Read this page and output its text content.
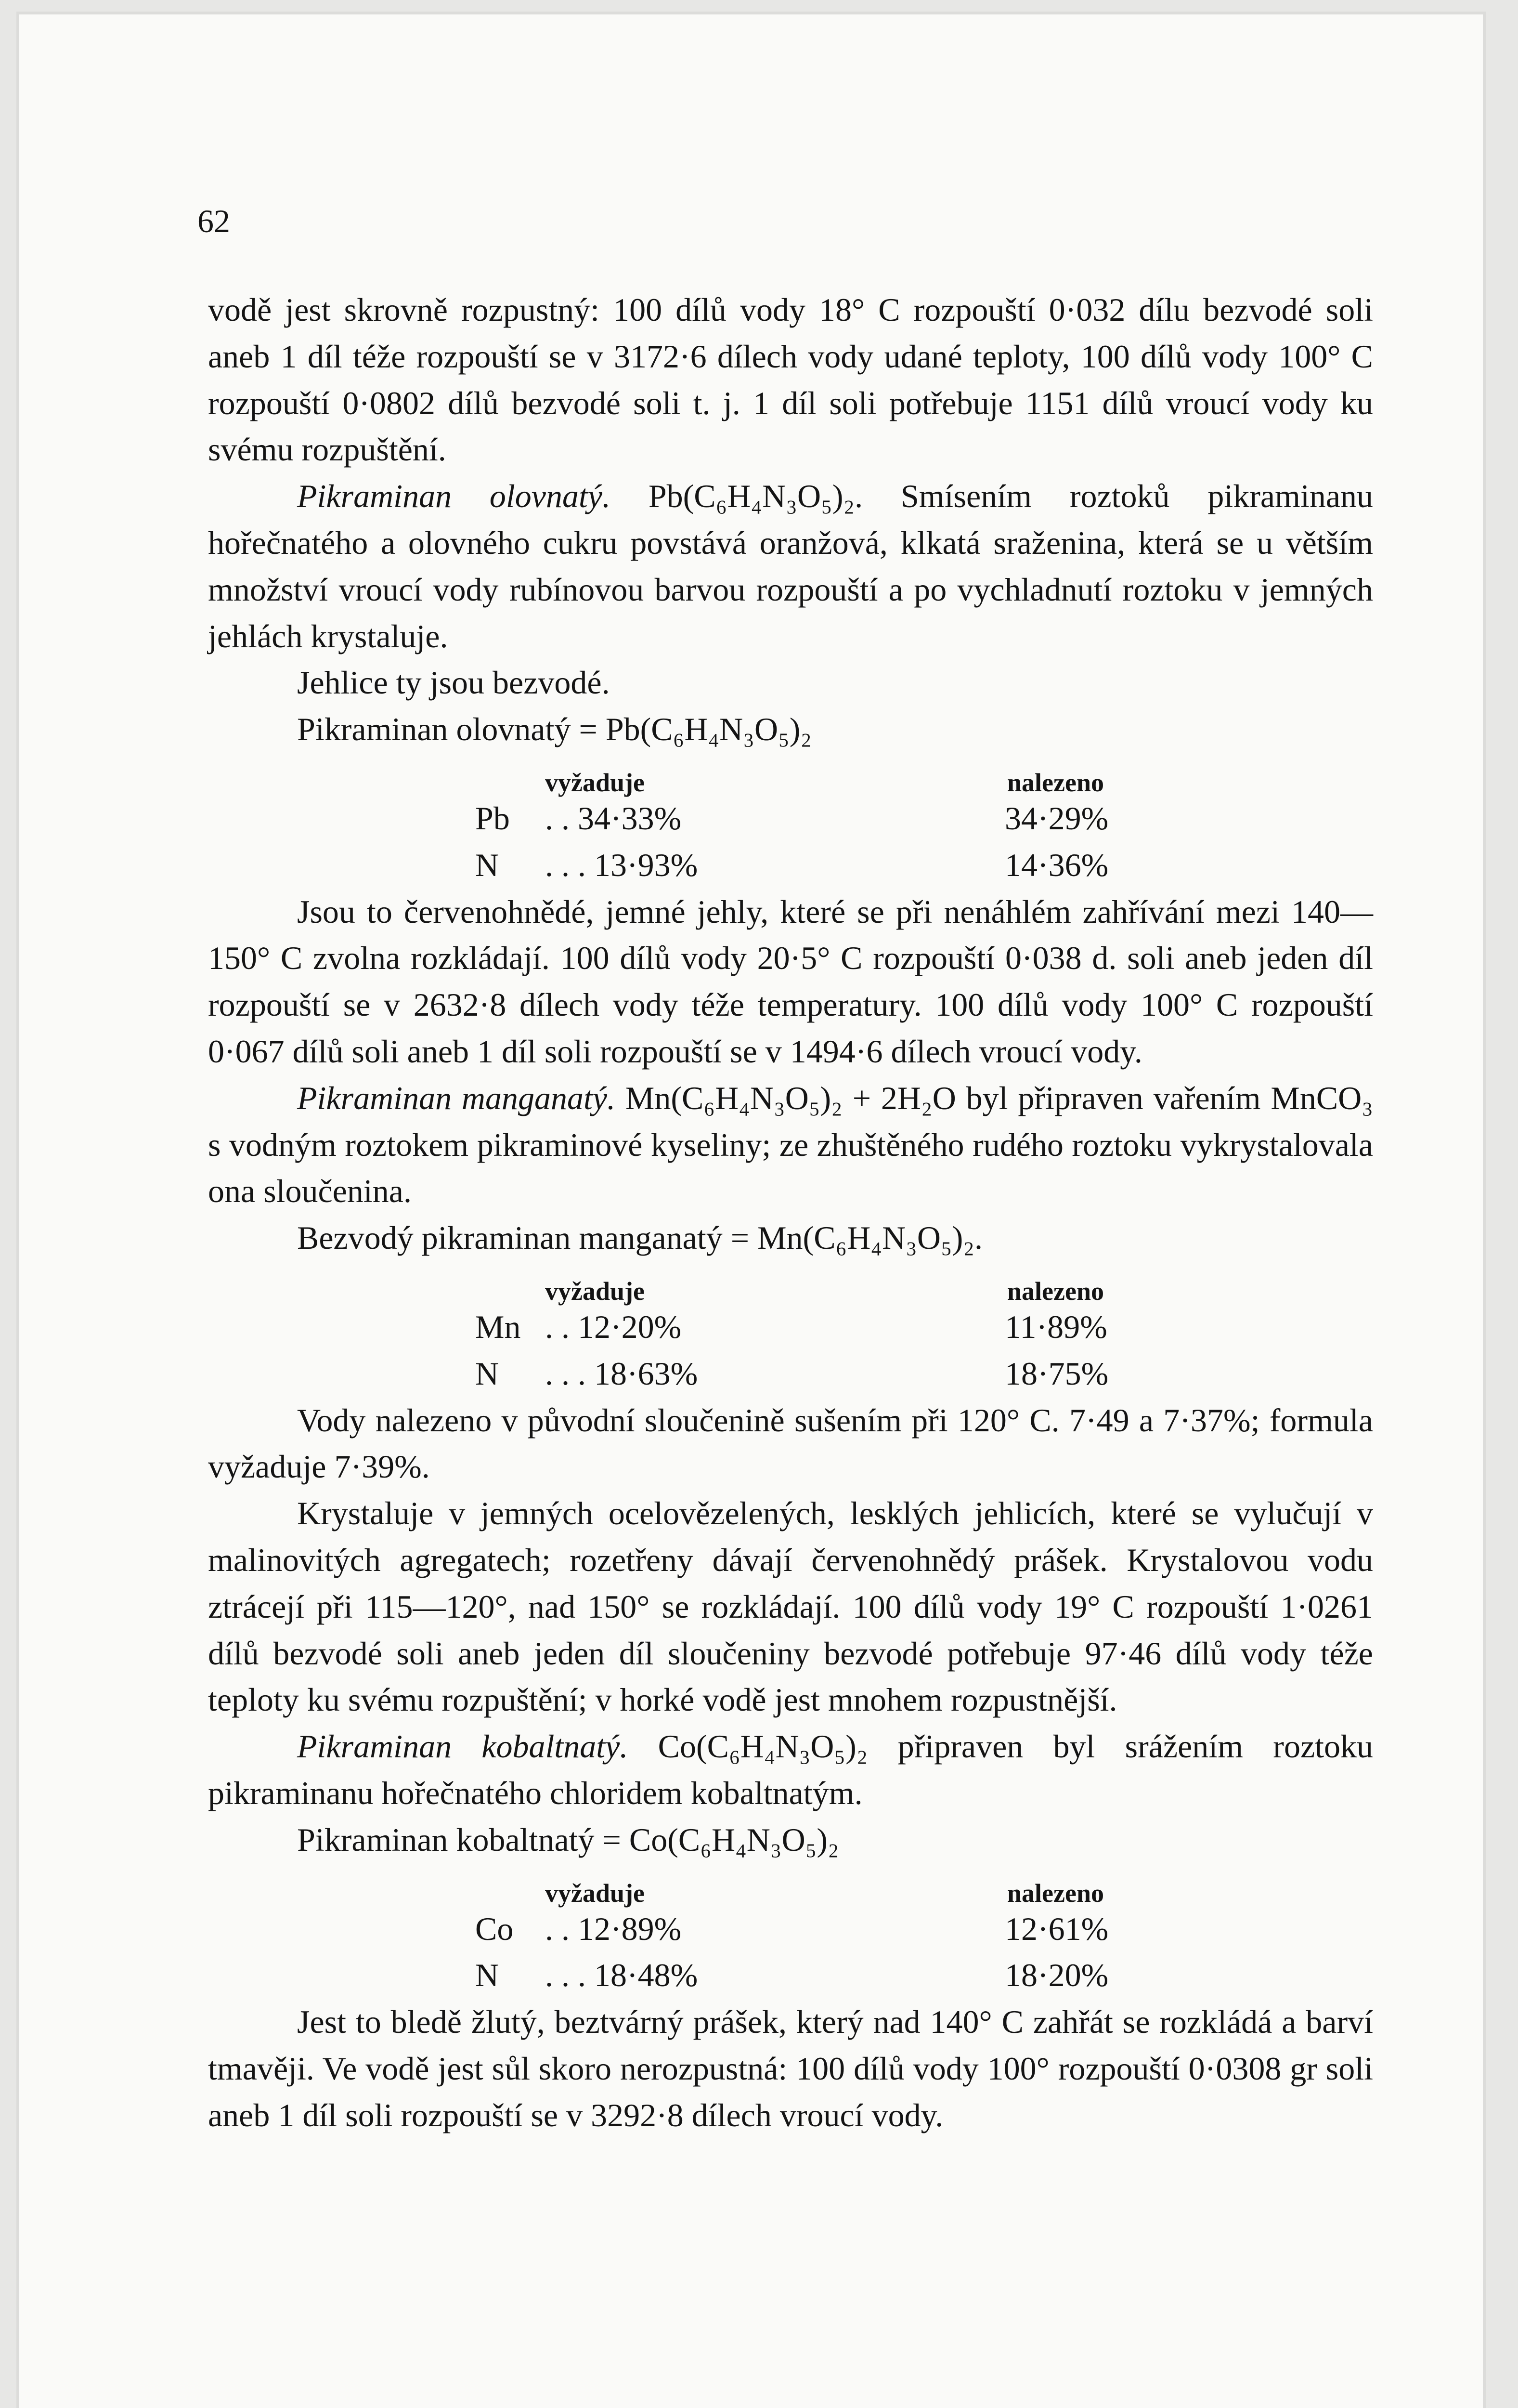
62

vodě jest skrovně rozpustný: 100 dílů vody 18° C rozpouští 0·032 dílu bezvodé soli aneb 1 díl téže rozpouští se v 3172·6 dílech vody udané teploty, 100 dílů vody 100° C rozpouští 0·0802 dílů bezvodé soli t. j. 1 díl soli potřebuje 1151 dílů vroucí vody ku svému rozpuštění.

Pikraminan olovnatý. Pb(C₆H₄N₃O₅)₂. Smísením roztoků pikraminanu hořečnatého a olovného cukru povstává oranžová, klkatá sraženina, která se u větším množství vroucí vody rubínovou barvou rozpouští a po vychladnutí roztoku v jemných jehlách krystaluje.

Jehlice ty jsou bezvodé.

Pikraminan olovnatý = Pb(C₆H₄N₃O₅)₂

vyžaduje	nalezeno
Pb . . 34·33%	34·29%
N . . . 13·93%	14·36%

Jsou to červenohnědé, jemné jehly, které se při nenáhlém zahřívání mezi 140—150° C zvolna rozkládají. 100 dílů vody 20·5° C rozpouští 0·038 d. soli aneb jeden díl rozpouští se v 2632·8 dílech vody téže temperatury. 100 dílů vody 100° C rozpouští 0·067 dílů soli aneb 1 díl soli rozpouští se v 1494·6 dílech vroucí vody.

Pikraminan manganatý. Mn(C₆H₄N₃O₅)₂ + 2H₂O byl připraven vařením MnCO₃ s vodným roztokem pikraminové kyseliny; ze zhuštěného rudého roztoku vykrystalovala ona sloučenina.

Bezvodý pikraminan manganatý = Mn(C₆H₄N₃O₅)₂.

vyžaduje	nalezeno
Mn . . 12·20%	11·89%
N . . . 18·63%	18·75%

Vody nalezeno v původní sloučenině sušením při 120° C. 7·49 a 7·37%; formula vyžaduje 7·39%.

Krystaluje v jemných ocelovězelených, lesklých jehlicích, které se vylučují v malinovitých agregatech; rozetřeny dávají červenohnědý prášek. Krystalovou vodu ztrácejí při 115—120°, nad 150° se rozkládají. 100 dílů vody 19° C rozpouští 1·0261 dílů bezvodé soli aneb jeden díl sloučeniny bezvodé potřebuje 97·46 dílů vody téže teploty ku svému rozpuštění; v horké vodě jest mnohem rozpustnější.

Pikraminan kobaltnatý. Co(C₆H₄N₃O₅)₂ připraven byl srážením roztoku pikraminanu hořečnatého chloridem kobaltnatým.

Pikraminan kobaltnatý = Co(C₆H₄N₃O₅)₂

vyžaduje	nalezeno
Co . . 12·89%	12·61%
N . . . 18·48%	18·20%

Jest to bledě žlutý, beztvárný prášek, který nad 140° C zahřát se rozkládá a barví tmavěji. Ve vodě jest sůl skoro nerozpustná: 100 dílů vody 100° rozpouští 0·0308 gr soli aneb 1 díl soli rozpouští se v 3292·8 dílech vroucí vody.
